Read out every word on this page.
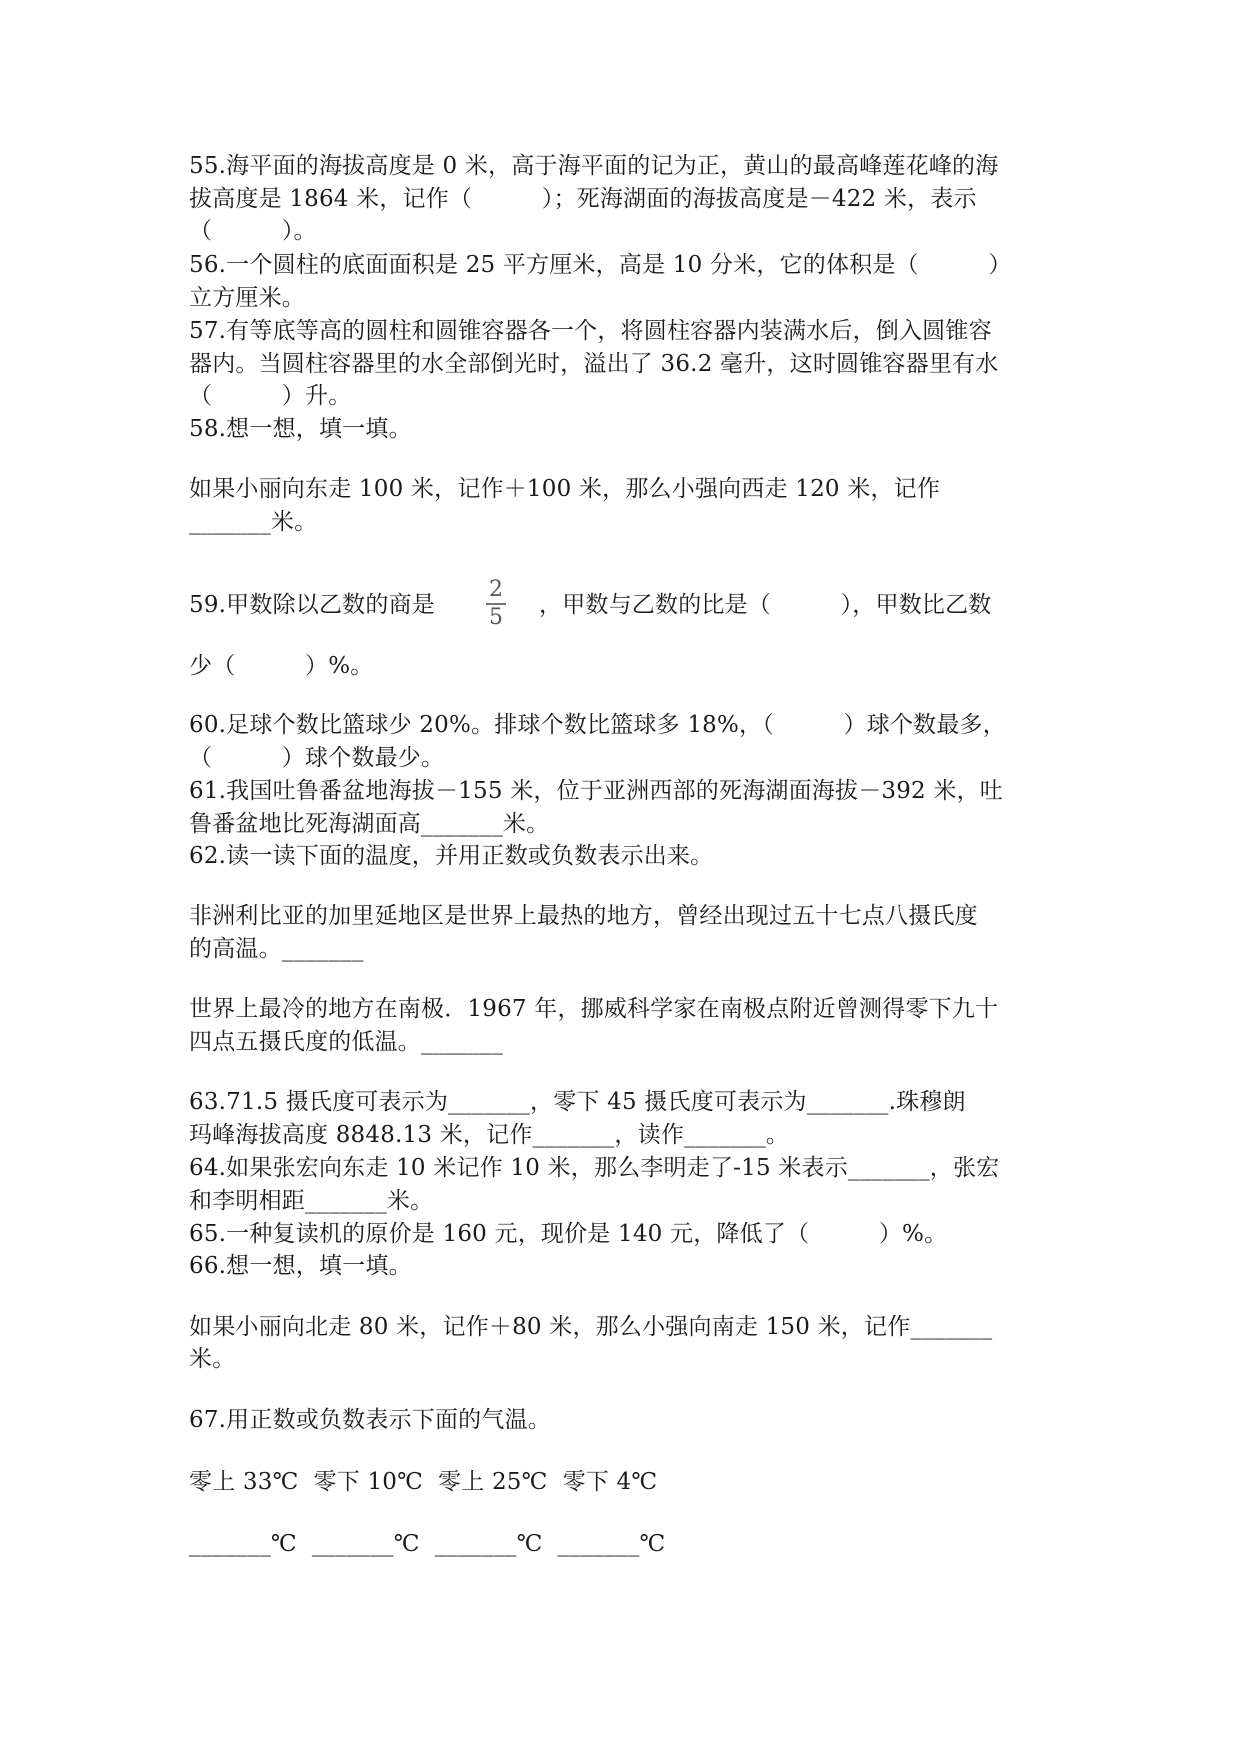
55.海平面的海拔高度是 0 米，高于海平面的记为正，黄山的最高峰莲花峰的海
拔高度是 1864 米，记作（　　　）；死海湖面的海拔高度是－422 米，表示
（　　　）。
56.一个圆柱的底面面积是 25 平方厘米，高是 10 分米，它的体积是（　　　）
立方厘米。
57.有等底等高的圆柱和圆锥容器各一个，将圆柱容器内装满水后，倒入圆锥容
器内。当圆柱容器里的水全部倒光时，溢出了 36.2 毫升，这时圆锥容器里有水
（　　　）升。
58.想一想，填一填。
如果小丽向东走 100 米，记作＋100 米，那么小强向西走 120 米，记作
_______米。
59.甲数除以乙数的商是
2
5 ，甲数与乙数的比是（　　　），甲数比乙数
少（　　　）%。
60.足球个数比篮球少 20%。排球个数比篮球多 18%，（　　　）球个数最多，
（　　　）球个数最少。
61.我国吐鲁番盆地海拔－155 米，位于亚洲西部的死海湖面海拔－392 米，吐
鲁番盆地比死海湖面高_______米。
62.读一读下面的温度，并用正数或负数表示出来。
非洲利比亚的加里延地区是世界上最热的地方，曾经出现过五十七点八摄氏度
的高温。_______
世界上最冷的地方在南极．1967 年，挪威科学家在南极点附近曾测得零下九十
四点五摄氏度的低温。_______
63.71.5 摄氏度可表示为_______，零下 45 摄氏度可表示为_______.珠穆朗
玛峰海拔高度 8848.13 米，记作_______，读作_______。
64.如果张宏向东走 10 米记作 10 米，那么李明走了-15 米表示_______，张宏
和李明相距_______米。
65.一种复读机的原价是 160 元，现价是 140 元，降低了（　　　）%。
66.想一想，填一填。
如果小丽向北走 80 米，记作＋80 米，那么小强向南走 150 米，记作_______
米。
67.用正数或负数表示下面的气温。
零上 33℃  零下 10℃  零上 25℃  零下 4℃
_______℃  _______℃  _______℃  _______℃
